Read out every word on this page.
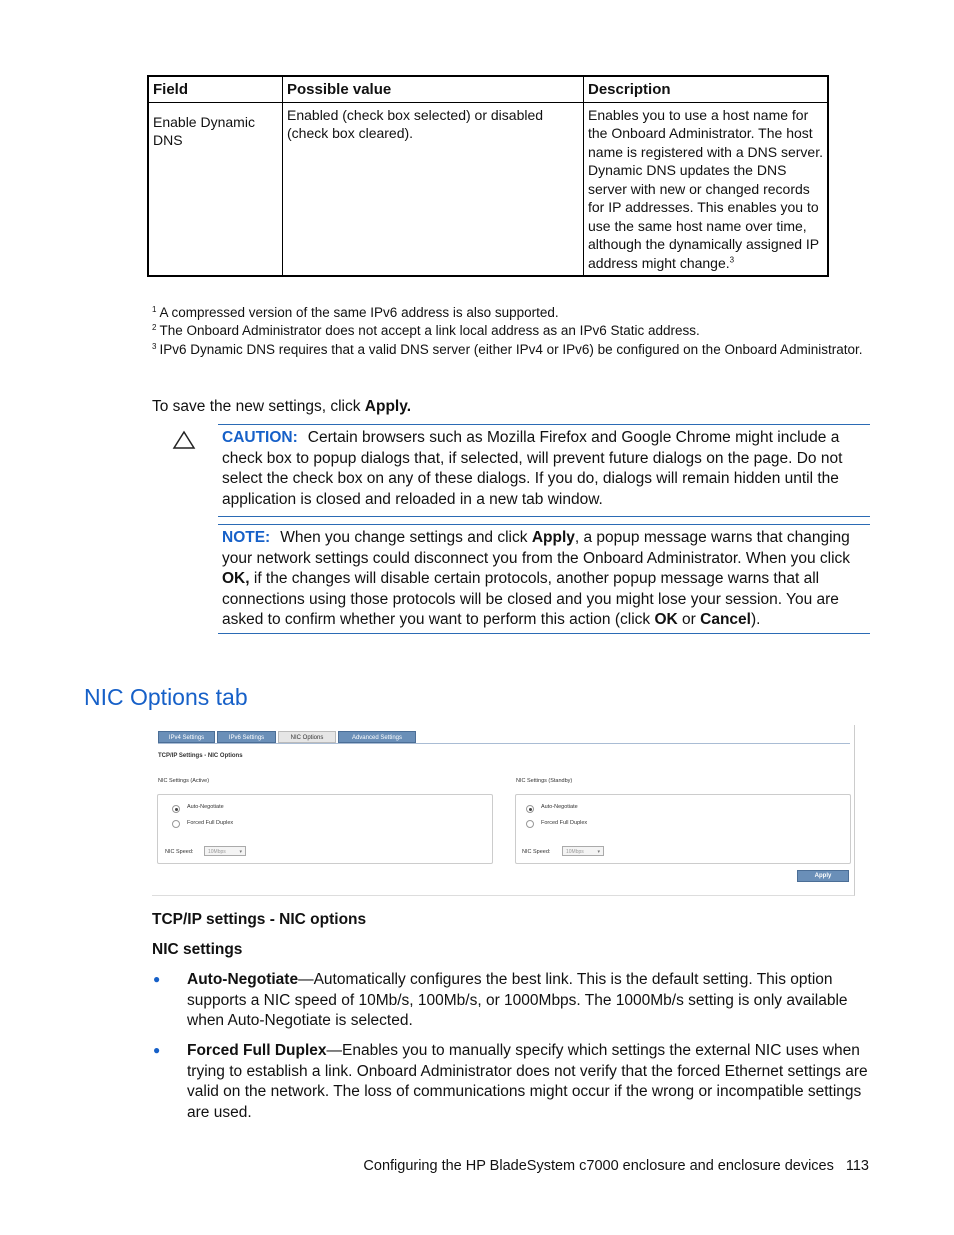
Field	Possible value	Description
Enable Dynamic DNS	Enabled (check box selected) or disabled (check box cleared).	Enables you to use a host name for the Onboard Administrator. The host name is registered with a DNS server. Dynamic DNS updates the DNS server with new or changed records for IP addresses. This enables you to use the same host name over time, although the dynamically assigned IP address might change.$^3$
$^1$ A compressed version of the same IPv6 address is also supported.
$^2$ The Onboard Administrator does not accept a link local address as an IPv6 Static address.
$^3$ IPv6 Dynamic DNS requires that a valid DNS server (either IPv4 or IPv6) be configured on the Onboard Administrator.
To save the new settings, click Apply.
CAUTION: Certain browsers such as Mozilla Firefox and Google Chrome might include a check box to popup dialogs that, if selected, will prevent future dialogs on the page. Do not select the check box on any of these dialogs. If you do, dialogs will remain hidden until the application is closed and reloaded in a new tab window.
NOTE: When you change settings and click Apply, a popup message warns that changing your network settings could disconnect you from the Onboard Administrator. When you click OK, if the changes will disable certain protocols, another popup message warns that all connections using those protocols will be closed and you might lose your session. You are asked to confirm whether you want to perform this action (click OK or Cancel).
NIC Options tab
IPv4 Settings	IPv6 Settings	NIC Options	Advanced Settings
TCP/IP Settings - NIC Options
NIC Settings (Active)
Auto-Negotiate
Forced Full Duplex
NIC Speed:	10Mbps	▾
NIC Settings (Standby)
Auto-Negotiate
Forced Full Duplex
NIC Speed:	10Mbps	▾
Apply
TCP/IP settings - NIC options
NIC settings
● Auto-Negotiate—Automatically configures the best link. This is the default setting. This option supports a NIC speed of 10Mb/s, 100Mb/s, or 1000Mbps. The 1000Mb/s setting is only available when Auto-Negotiate is selected.
● Forced Full Duplex—Enables you to manually specify which settings the external NIC uses when trying to establish a link. Onboard Administrator does not verify that the forced Ethernet settings are valid on the network. The loss of communications might occur if the wrong or incompatible settings are used.
Configuring the HP BladeSystem c7000 enclosure and enclosure devices 113
